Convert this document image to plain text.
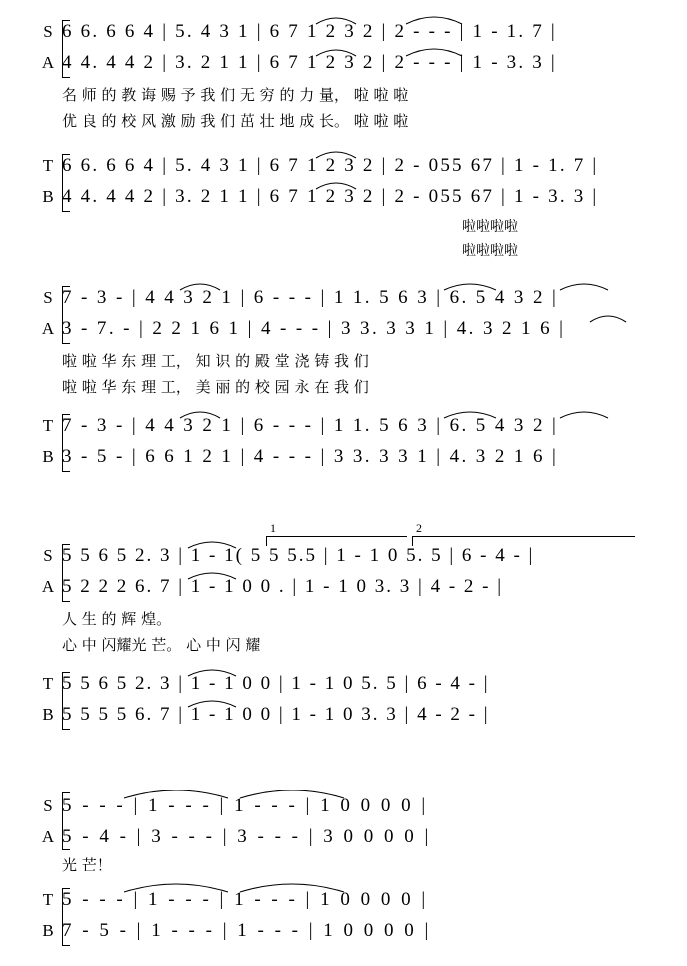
S 6 6. 6 6 4 | 5. 4 3 1 | 6 7 1 2 3 2 | 2 - - - | 1 - 1. 7 |
A 4 4. 4 4 2 | 3. 2 1 1 | 6 7 1 2 3 2 | 2 - - - | 1 - 3. 3 |
名 师 的 教 诲 赐 予 我 们 无 穷 的 力 量， 啦 啦 啦
优 良 的 校 风 激 励 我 们 茁 壮 地 成 长。 啦 啦 啦
T 6 6. 6 6 4 | 5. 4 3 1 | 6 7 1 2 3 2 | 2 - 055 67 | 1 - 1. 7 |
B 4 4. 4 4 2 | 3. 2 1 1 | 6 7 1 2 3 2 | 2 - 055 67 | 1 - 3. 3 |
啦啦啦啦
啦啦啦啦
S 7 - 3 - | 4 4 3 2 1 | 6 - - - | 1 1. 5 6 3 | 6. 5 4 3 2 |
A 3 - 7. - | 2 2 1 6 1 | 4 - - - | 3 3. 3 3 1 | 4. 3 2 1 6 |
啦 啦 华 东 理 工， 知 识 的 殿 堂 浇 铸 我 们
啦 啦 华 东 理 工， 美 丽 的 校 园 永 在 我 们
T 7 - 3 - | 4 4 3 2 1 | 6 - - - | 1 1. 5 6 3 | 6. 5 4 3 2 |
B 3 - 5 - | 6 6 1 2 1 | 4 - - - | 3 3. 3 3 1 | 4. 3 2 1 6 |
1	2
S 5 5 6 5 2. 3 | 1 - 1( 5 5 5.5 | 1 - 1 0 5. 5 | 6 - 4 - |
A 5 2 2 2 6. 7 | 1 - 1 0 0 . | 1 - 1 0 3. 3 | 4 - 2 - |
人 生 的 辉 煌。
心 中 闪耀光 芒。 心 中 闪 耀
T 5 5 6 5 2. 3 | 1 - 1 0 0 | 1 - 1 0 5. 5 | 6 - 4 - |
B 5 5 5 5 6. 7 | 1 - 1 0 0 | 1 - 1 0 3. 3 | 4 - 2 - |
S 5 - - - | 1 - - - | 1 - - - | 1 0 0 0 0 |
A 5 - 4 - | 3 - - - | 3 - - - | 3 0 0 0 0 |
光 芒！
T 5 - - - | 1 - - - | 1 - - - | 1 0 0 0 0 |
B 7 - 5 - | 1 - - - | 1 - - - | 1 0 0 0 0 |
